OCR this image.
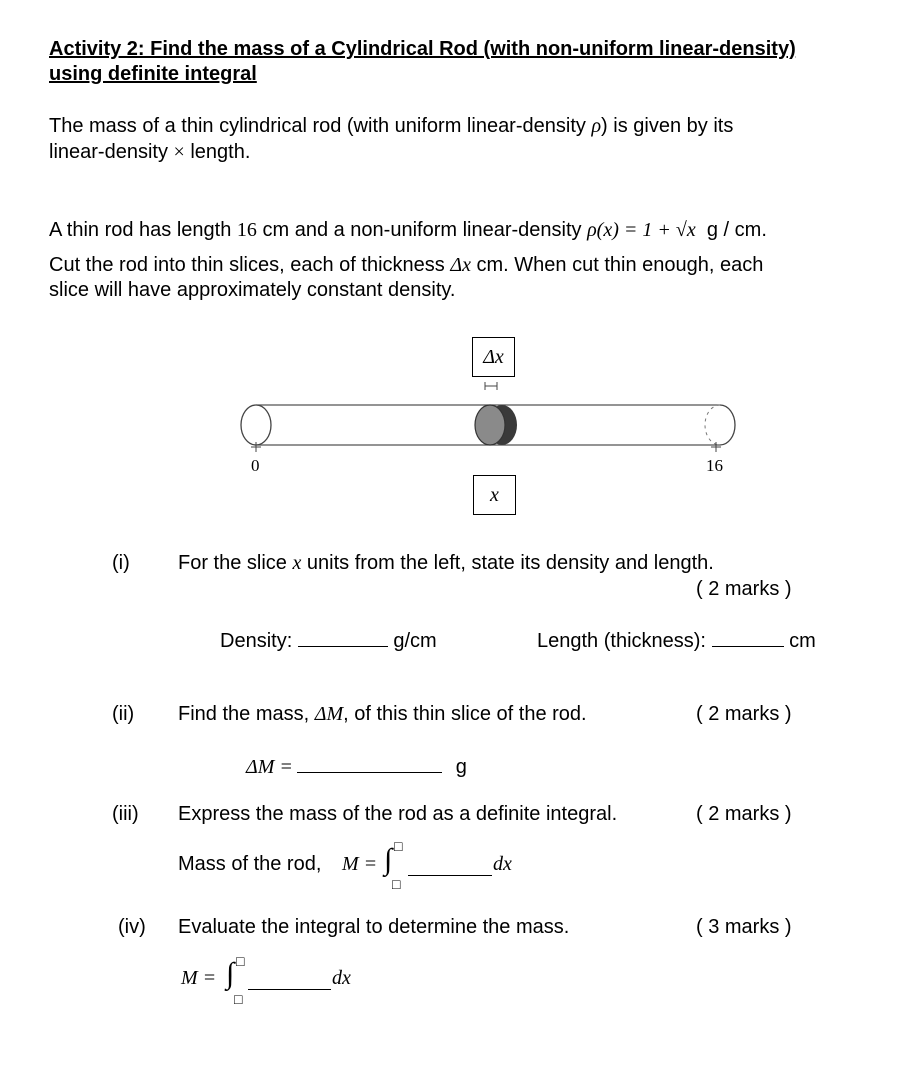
Activity 2: Find the mass of a Cylindrical Rod (with non-uniform linear-density)
using definite integral
The mass of a thin cylindrical rod (with uniform linear-density ρ) is given by its
linear-density × length.
A thin rod has length 16 cm and a non-uniform linear-density ρ(x) = 1 + √x g / cm.
Cut the rod into thin slices, each of thickness Δx cm. When cut thin enough, each
slice will have approximately constant density.
Δx
0	16
x
(i) For the slice x units from the left, state its density and length.
( 2 marks )
Density:	g/cm	Length (thickness):	cm
(ii) Find the mass, ΔM, of this thin slice of the rod.	( 2 marks )
ΔM =	g
(iii) Express the mass of the rod as a definite integral.	( 2 marks )
Mass of the rod, M = ∫ □
□
dx
(iv) Evaluate the integral to determine the mass.	( 3 marks )
M = ∫ □
□
dx
